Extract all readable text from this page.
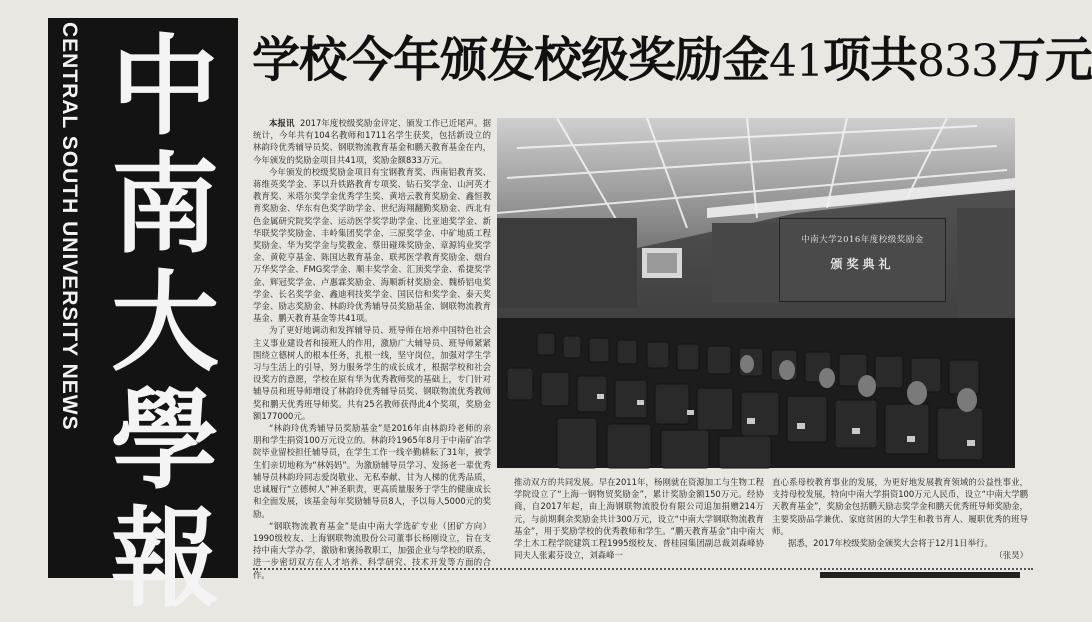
CENTRAL SOUTH UNIVERSITY NEWS 中
南
大
學
報
学校今年颁发校级奖励金41项共833万元

本报讯 2017年度校级奖励金评定、颁发工作已近尾声。据统计，今年共有104名教师和1711名学生获奖，包括新设立的林韵玲优秀辅导员奖、钢联物流教育基金和鹏天教育基金在内，今年颁发的奖励金项目共41项，奖励金额833万元。

今年颁发的校级奖励金项目有宝钢教育奖、西南铝教育奖、蒋维英奖学金、茅以升铁路教育专项奖、钻石奖学金、山河英才教育奖、米塔尔奖学金优秀学生奖、黄培云教育奖励金、鑫恒教育奖励金、华东有色奖学助学金、世纪海翔翻勤奖励金、西北有色金属研究院奖学金、运动医学奖学助学金、比亚迪奖学金、新华联奖学奖励金、丰岭集团奖学金、三原奖学金、中矿地质工程奖励金、华为奖学金与奖教金、蔡田碰珠奖励金、章源钨业奖学金、黄乾亨基金、陈国达教育基金、联邦医学教育奖励金、烟台万华奖学金、FMG奖学金、顺丰奖学金、汇顶奖学金、希捷奖学金、辉冠奖学金、卢惠霖奖励金、海顺新材奖励金、魏桥铝电奖学金、长名奖学金、鑫迪利技奖学金、国民信和奖学金、泰天奖学金、励志奖励金、林韵玲优秀辅导员奖励基金、钢联物流教育基金、鹏天教育基金等共41项。

为了更好地调动和发挥辅导员、班导师在培养中国特色社会主义事业建设者和接班人的作用，激励广大辅导员、班导师紧紧围绕立德树人的根本任务，扎根一线，坚守岗位，加强对学生学习与生活上的引导，努力服务学生的成长成才，根据学校和社会设奖方的意愿，学校在原有华为优秀教师奖的基础上，专门针对辅导员和班导师增设了林韵玲优秀辅导员奖、钢联物流优秀教师奖和鹏天优秀班导师奖。共有25名教师获得此4个奖项，奖励金额177000元。

“林韵玲优秀辅导员奖励基金”是2016年由林韵玲老师的亲朋和学生捐资100万元设立的。林韵玲1965年8月于中南矿冶学院毕业留校担任辅导员，在学生工作一线辛勤耕耘了31年，被学生们亲切地称为“林妈妈”。为激励辅导员学习、发扬老一辈优秀辅导员林韵玲同志爱岗敬业、无私奉献、甘为人梯的优秀品质，忠诚履行“立德树人”神圣职责，更高质量服务于学生的健康成长和全面发展，该基金每年奖励辅导员8人，予以每人5000元的奖励。

“钢联物流教育基金”是由中南大学选矿专业（团矿方向）1990级校友、上海钢联物流股份公司董事长杨刚设立，旨在支持中南大学办学，激励和褒扬教职工，加强企业与学校的联系，进一步密切双方在人才培养、科学研究、技术开发等方面的合作。

中南大学2016年度校级奖励金
颁奖典礼

推动双方的共同发展。早在2011年，杨刚就在资源加工与生物工程学院设立了“上海一钢物贸奖励金”，累计奖励金额150万元。经协商，自2017年起，由上海钢联物流股份有限公司追加捐赠214万元，与前期剩余奖励金共计300万元，设立“中南大学钢联物流教育基金”，用于奖励学校的优秀教师和学生。“鹏天教育基金”由中南大学土木工程学院建筑工程1995级校友、普桂园集团副总裁刘森峰协同夫人张素芬设立，刘森峰一

直心系母校教育事业的发展，为更好地发展教育领域的公益性事业，支持母校发展，特向中南大学捐资100万元人民币，设立“中南大学鹏天教育基金”，奖励金包括鹏天励志奖学金和鹏天优秀班导师奖励金，主要奖励品学兼优、家庭贫困的大学生和教书育人、履职优秀的班导师。

据悉，2017年校级奖励金颁奖大会将于12月1日举行。

（张昊）
